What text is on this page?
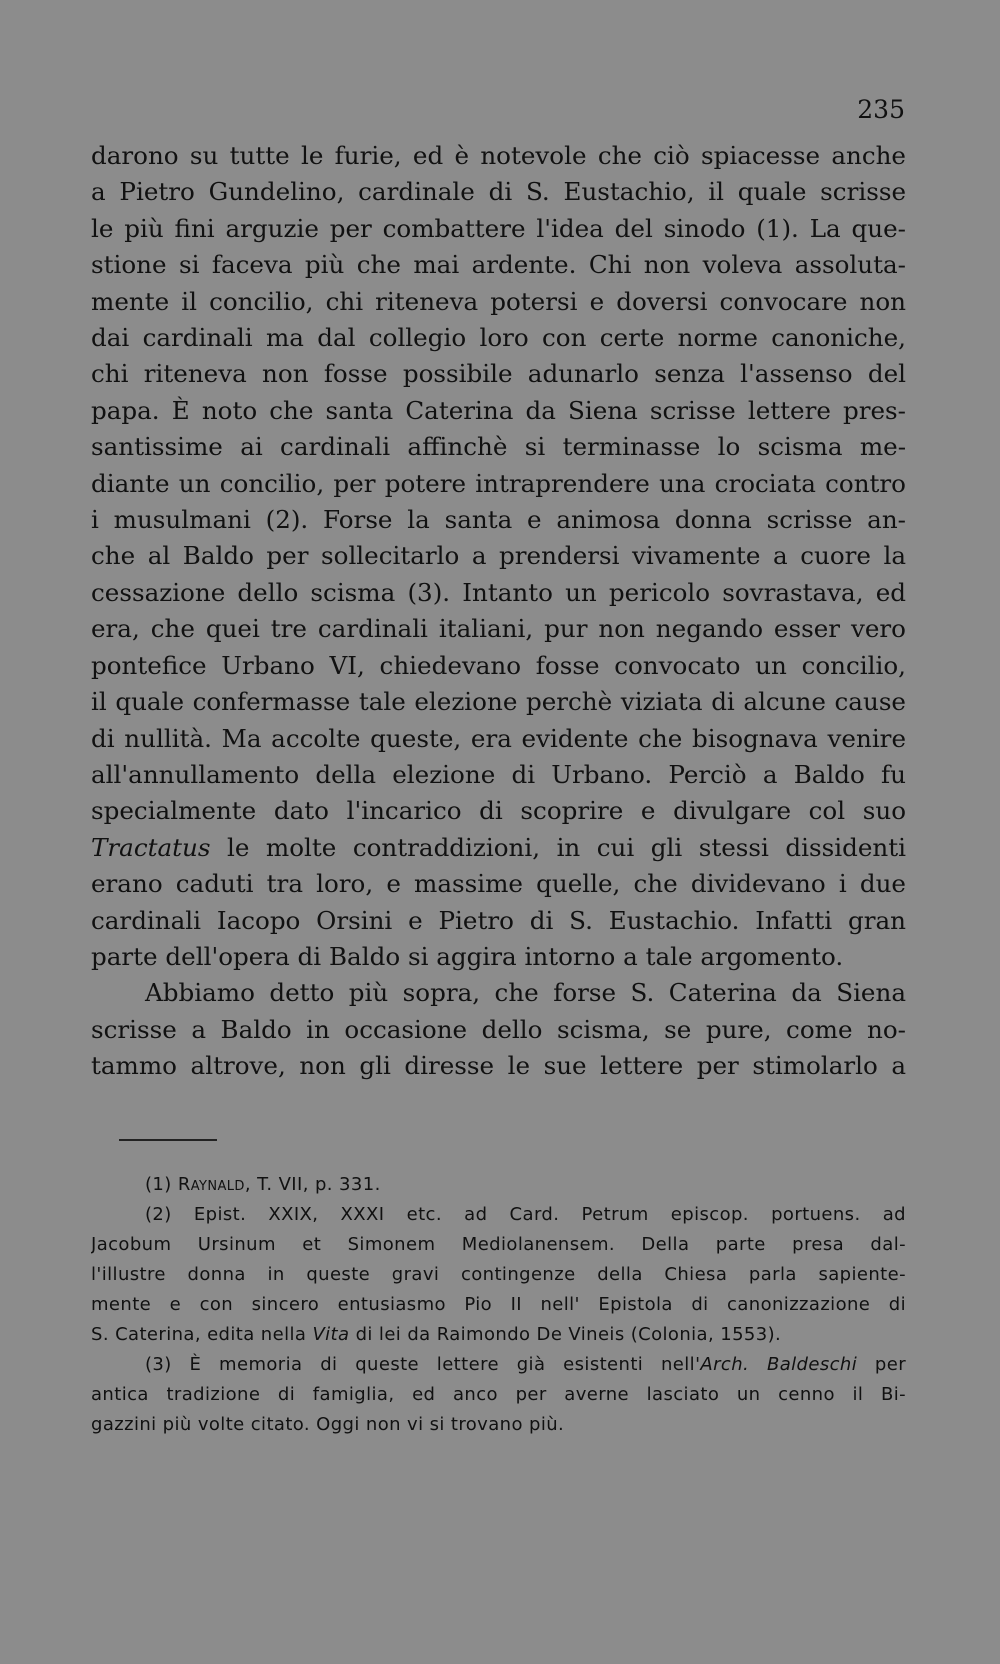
235
darono su tutte le furie, ed è notevole che ciò spiacesse anche
a Pietro Gundelino, cardinale di S. Eustachio, il quale scrisse
le più fini arguzie per combattere l'idea del sinodo (1). La que-
stione si faceva più che mai ardente. Chi non voleva assoluta-
mente il concilio, chi riteneva potersi e doversi convocare non
dai cardinali ma dal collegio loro con certe norme canoniche,
chi riteneva non fosse possibile adunarlo senza l'assenso del
papa. È noto che santa Caterina da Siena scrisse lettere pres-
santissime ai cardinali affinchè si terminasse lo scisma me-
diante un concilio, per potere intraprendere una crociata contro
i musulmani (2). Forse la santa e animosa donna scrisse an-
che al Baldo per sollecitarlo a prendersi vivamente a cuore la
cessazione dello scisma (3). Intanto un pericolo sovrastava, ed
era, che quei tre cardinali italiani, pur non negando esser vero
pontefice Urbano VI, chiedevano fosse convocato un concilio,
il quale confermasse tale elezione perchè viziata di alcune cause
di nullità. Ma accolte queste, era evidente che bisognava venire
all'annullamento della elezione di Urbano. Perciò a Baldo fu
specialmente dato l'incarico di scoprire e divulgare col suo
Tractatus le molte contraddizioni, in cui gli stessi dissidenti
erano caduti tra loro, e massime quelle, che dividevano i due
cardinali Iacopo Orsini e Pietro di S. Eustachio. Infatti gran
parte dell'opera di Baldo si aggira intorno a tale argomento.
Abbiamo detto più sopra, che forse S. Caterina da Siena
scrisse a Baldo in occasione dello scisma, se pure, come no-
tammo altrove, non gli diresse le sue lettere per stimolarlo a
(1) Raynald, T. VII, p. 331.
(2) Epist. XXIX, XXXI etc. ad Card. Petrum episcop. portuens. ad
Jacobum Ursinum et Simonem Mediolanensem. Della parte presa dal-
l'illustre donna in queste gravi contingenze della Chiesa parla sapiente-
mente e con sincero entusiasmo Pio II nell' Epistola di canonizzazione di
S. Caterina, edita nella Vita di lei da Raimondo De Vineis (Colonia, 1553).
(3) È memoria di queste lettere già esistenti nell'Arch. Baldeschi per
antica tradizione di famiglia, ed anco per averne lasciato un cenno il Bi-
gazzini più volte citato. Oggi non vi si trovano più.
